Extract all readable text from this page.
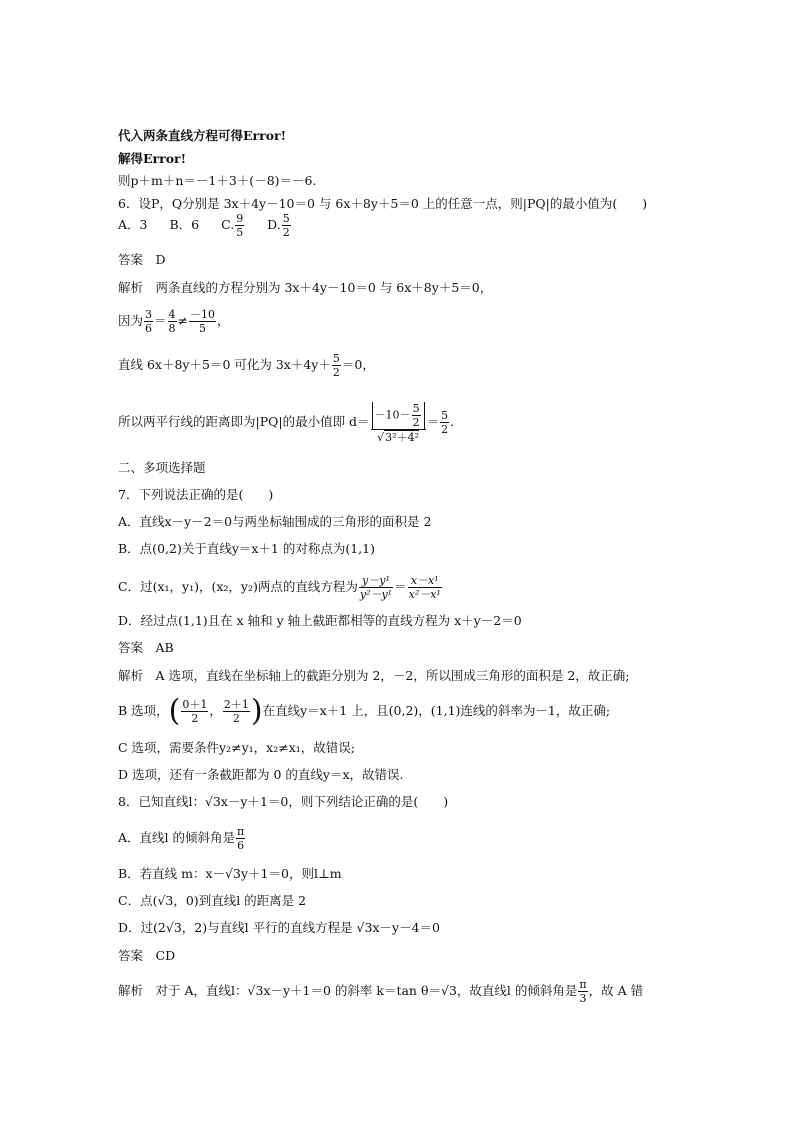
代入两条直线方程可得Error!
解得Error!
则p＋m＋n＝－1＋3＋(－8)＝－6.
6．设P，Q分别是 3x＋4y－10＝0 与 6x＋8y＋5＝0 上的任意一点，则|PQ|的最小值为(　　)
A．3 B．6 C. $\frac{9}{5} D$. $\frac{5}{2}$
答案　D
解析　两条直线的方程分别为 3x＋4y－10＝0 与 6x＋8y＋5＝0，
因为 $\frac{3}{6} = \frac{4}{8} \ne \frac{-10}{5}$ ，
直线 6x＋8y＋5＝0 可化为 $3x+4y+ \frac{5}{2} =0$，
所以两平行线的距离即为|PQ|的最小值即 $d= \frac{-10- \frac{5}{2}}{\text{√3²＋4²}} = \frac{5}{2}$ .
二、多项选择题
7．下列说法正确的是(　　)
A．直线x－y－2＝0与两坐标轴围成的三角形的面积是 2
B．点(0,2)关于直线y＝x＋1 的对称点为(1,1)
C．过(x₁，y₁)，(x₂，y₂)两点的直线方程为 $\frac{\text{y－y¹}}{\text{y²－y¹}} = \frac{\text{x－x¹}}{\text{x²－x¹}}$
D．经过点(1,1)且在 x 轴和 y 轴上截距都相等的直线方程为 x＋y－2＝0
答案　AB
解析　A 选项，直线在坐标轴上的截距分别为 2，－2，所以围成三角形的面积是 2，故正确;
B 选项，( $\frac{0+1}{2}$ ， $\frac{2+1}{2}$ )在直线y＝x＋1 上，且(0,2)，(1,1)连线的斜率为－1，故正确;
C 选项，需要条件y₂≠y₁，x₂≠x₁，故错误;
D 选项，还有一条截距都为 0 的直线y＝x，故错误.
8．已知直线l：√3x－y＋1＝0，则下列结论正确的是(　　)
A．直线l 的倾斜角是 $\frac{\pi}{6}$
B．若直线 m：x－√3y＋1＝0，则l⊥m
C．点(√3，0)到直线l 的距离是 2
D．过(2√3，2)与直线l 平行的直线方程是 √3x－y－4＝0
答案　CD
解析　对于 A，直线l：√3x－y＋1＝0 的斜率 k＝tan θ＝√3，故直线l 的倾斜角是 $\frac{\pi}{3}$ ，故 A 错
